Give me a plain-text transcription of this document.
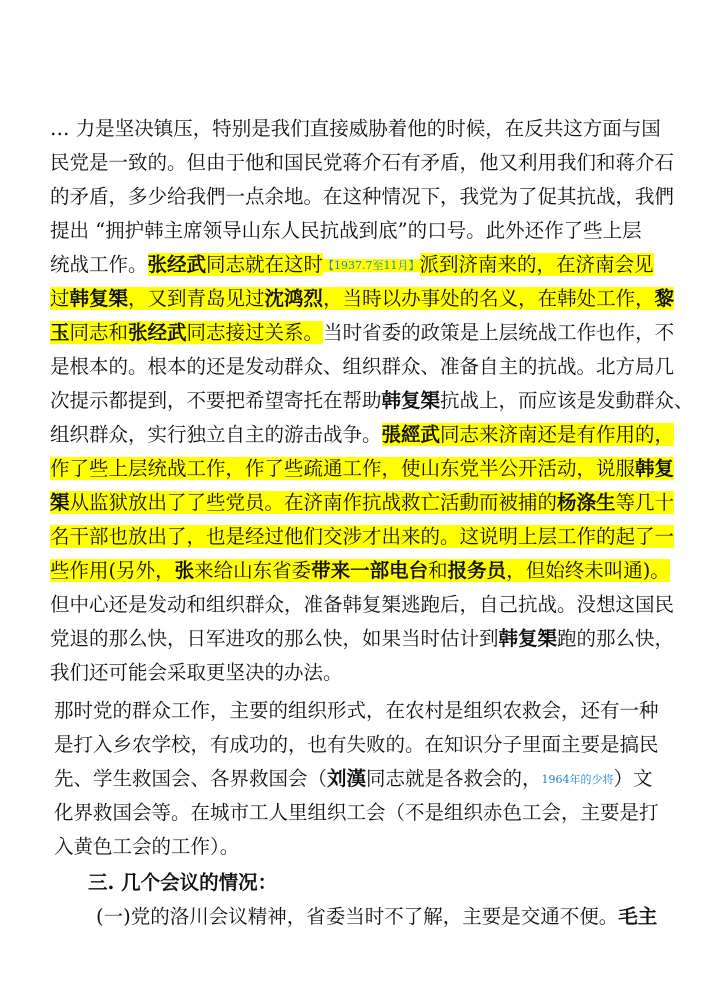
… 力是坚决镇压，特别是我们直接威胁着他的时候，在反共这方面与国
民党是一致的。但由于他和国民党蒋介石有矛盾，他又利用我们和蒋介石
的矛盾，多少给我們一点余地。在这种情况下，我党为了促其抗战，我們
提出 “拥护韩主席领导山东人民抗战到底”的口号。此外还作了些上层
统战工作。张经武同志就在这时【1937.7至11月】派到济南来的，在济南会见
过韩复榘，又到青岛见过沈鸿烈，当時以办事处的名义，在韩处工作，黎
玉同志和张经武同志接过关系。当时省委的政策是上层统战工作也作，不
是根本的。根本的还是发动群众、组织群众、准备自主的抗战。北方局几
次提示都提到，不要把希望寄托在帮助韩复榘抗战上，而应该是发動群众、
组织群众，实行独立自主的游击战争。張經武同志来济南还是有作用的，
作了些上层统战工作，作了些疏通工作，使山东党半公开活动，说服韩复
榘从监狱放出了了些党员。在济南作抗战救亡活動而被捕的杨涤生等几十
名干部也放出了，也是经过他们交涉才出来的。这说明上层工作的起了一
些作用(另外，张来给山东省委带来一部电台和报务员，但始终未叫通)。
但中心还是发动和组织群众，准备韩复榘逃跑后，自己抗战。没想这国民
党退的那么快，日军进攻的那么快，如果当时估计到韩复榘跑的那么快，
我们还可能会采取更坚决的办法。
那时党的群众工作，主要的组织形式，在农村是组织农救会，还有一种
是打入乡农学校，有成功的，也有失败的。在知识分子里面主要是搞民
先、学生救国会、各界救国会（刘漢同志就是各救会的，1964年的少将）文
化界救国会等。在城市工人里组织工会（不是组织赤色工会，主要是打
入黄色工会的工作）。
三. 几个会议的情况：
(一)党的洛川会议精神，省委当时不了解，主要是交通不便。毛主
